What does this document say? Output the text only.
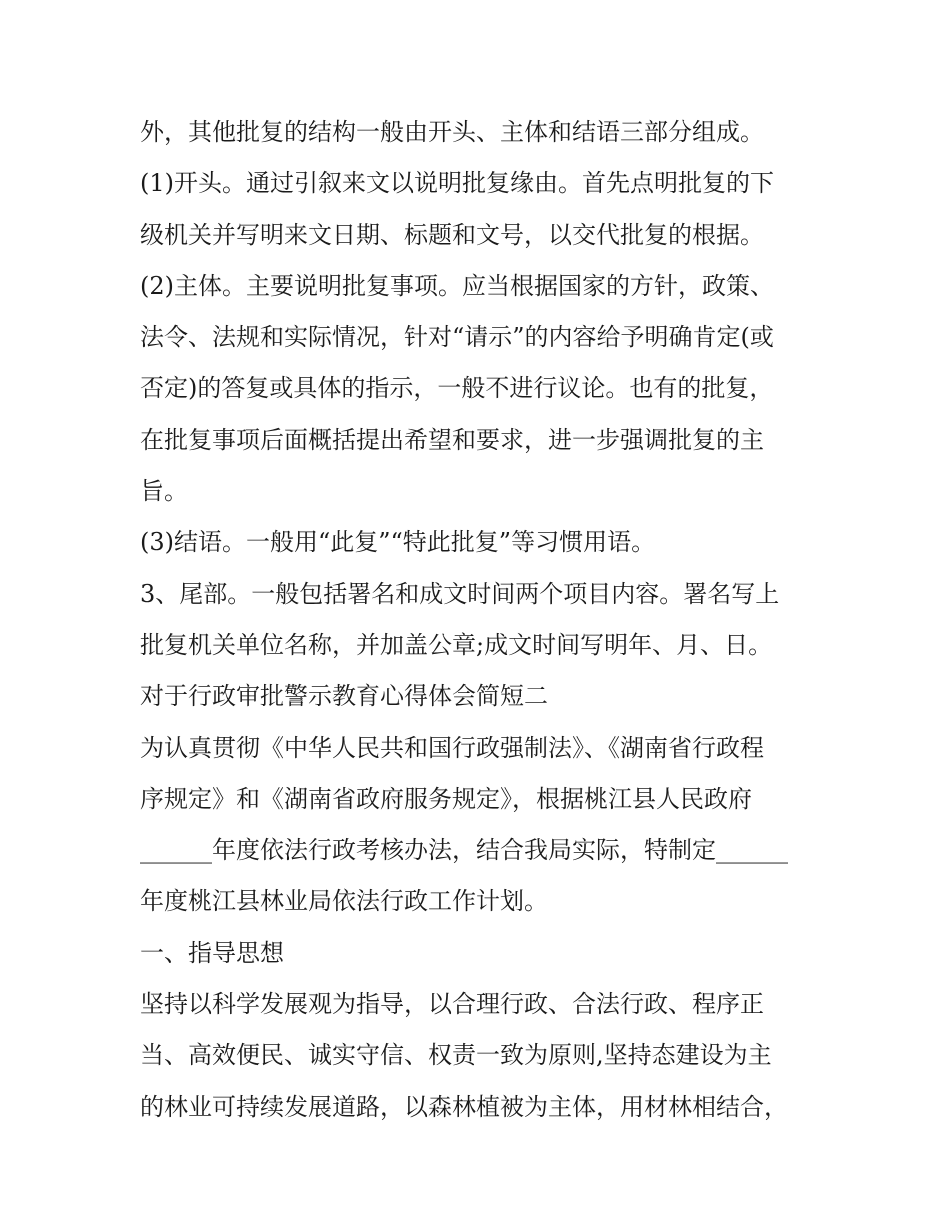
外，其他批复的结构一般由开头、主体和结语三部分组成。
(1)开头。通过引叙来文以说明批复缘由。首先点明批复的下
级机关并写明来文日期、标题和文号，以交代批复的根据。
(2)主体。主要说明批复事项。应当根据国家的方针，政策、
法令、法规和实际情况，针对“请示”的内容给予明确肯定(或
否定)的答复或具体的指示，一般不进行议论。也有的批复，
在批复事项后面概括提出希望和要求，进一步强调批复的主
旨。
(3)结语。一般用“此复”“特此批复”等习惯用语。
3、尾部。一般包括署名和成文时间两个项目内容。署名写上
批复机关单位名称，并加盖公章;成文时间写明年、月、日。
对于行政审批警示教育心得体会简短二
为认真贯彻《中华人民共和国行政强制法》、《湖南省行政程
序规定》和《湖南省政府服务规定》，根据桃江县人民政府
______年度依法行政考核办法，结合我局实际，特制定______
年度桃江县林业局依法行政工作计划。
一、指导思想
坚持以科学发展观为指导，以合理行政、合法行政、程序正
当、高效便民、诚实守信、权责一致为原则,坚持态建设为主
的林业可持续发展道路，以森林植被为主体，用材林相结合，
